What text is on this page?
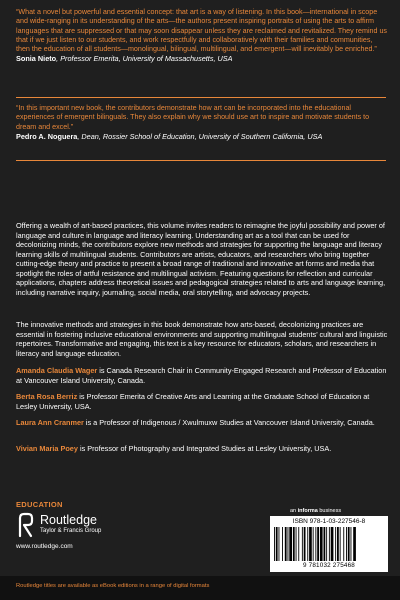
“What a novel but powerful and essential concept: that art is a way of listening. In this book—international in scope and wide-ranging in its understanding of the arts—the authors present inspiring portraits of using the arts to affirm languages that are suppressed or that may soon disappear unless they are reclaimed and revitalized. They remind us that if we just listen to our students, and work respectfully and collaboratively with their families and communities, then the education of all students—monolingual, bilingual, multilingual, and emergent—will inevitably be enriched.”
Sonia Nieto, Professor Emerita, University of Massachusetts, USA
“In this important new book, the contributors demonstrate how art can be incorporated into the educational experiences of emergent bilinguals. They also explain why we should use art to inspire and motivate students to dream and excel.”
Pedro A. Noguera, Dean, Rossier School of Education, University of Southern California, USA
Offering a wealth of art-based practices, this volume invites readers to reimagine the joyful possibility and power of language and culture in language and literacy learning. Understanding art as a tool that can be used for decolonizing minds, the contributors explore new methods and strategies for supporting the language and literacy learning skills of multilingual students. Contributors are artists, educators, and researchers who bring together cutting-edge theory and practice to present a broad range of traditional and innovative art forms and media that spotlight the roles of artful resistance and multilingual activism. Featuring questions for reflection and curricular applications, chapters address theoretical issues and pedagogical strategies related to arts and language learning, including narrative inquiry, journaling, social media, oral storytelling, and advocacy projects.
The innovative methods and strategies in this book demonstrate how arts-based, decolonizing practices are essential in fostering inclusive educational environments and supporting multilingual students’ cultural and linguistic repertoires. Transformative and engaging, this text is a key resource for educators, scholars, and researchers in literacy and language education.
Amanda Claudia Wager is Canada Research Chair in Community-Engaged Research and Professor of Education at Vancouver Island University, Canada.
Berta Rosa Berriz is Professor Emerita of Creative Arts and Learning at the Graduate School of Education at Lesley University, USA.
Laura Ann Cranmer is a Professor of Indigenous / Xwulmuxw Studies at Vancouver Island University, Canada.
Vivian Maria Poey is Professor of Photography and Integrated Studies at Lesley University, USA.
EDUCATION
Routledge
Taylor & Francis Group
www.routledge.com
an informa business
ISBN 978-1-03-227546-8
9 781032 275468
Routledge titles are available as eBook editions in a range of digital formats
